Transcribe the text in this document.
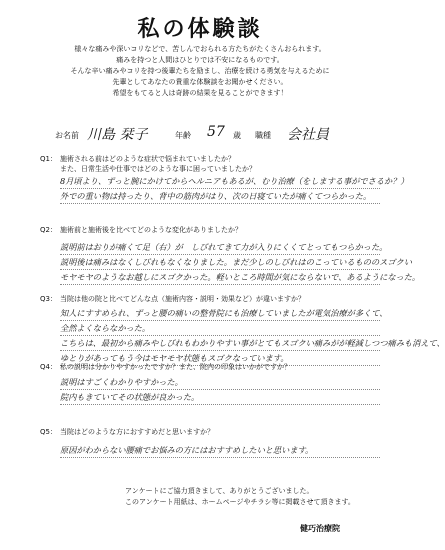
私の体験談
様々な痛みや深いコリなどで、苦しんでおられる方たちがたくさんおられます。
痛みを持つと人間はひとりでは不安になるものです。
そんな辛い痛みやコリを持つ後輩たちを励まし、治療を続ける勇気を与えるために
先輩としてあなたの貴重な体験談をお聞かせください。
希望をもてると人は奇跡の結果を見ることができます！
お名前 川島 栞子	年齢 57 歳 職種 会社員
Q1： 施術される前はどのような症状で悩まれていましたか？
また、日常生活や仕事ではどのような事に困っていましたか？
8月頃より、ずっと腕にかけてからヘルニアもあるが、むり治療（をしまする事がでさるか？）
外での重い物は持ったり、背中の筋肉がはり、次の日寝ていたが痛くてつらかった。
Q2： 施術前と施術後を比べてどのような変化がありましたか？
説明前はおりが痛くて足（右）が　しびれてきて力が入りにくくてとってもつらかった。
説明後は痛みはなくしびれもなくなりました。まだ少しのしびれはのこっているもののスゴクい
モヤモヤのようなお越しにスゴクかった。軽いところ時間が気にならないで、あるようになった。
Q3： 当院は他の院と比べてどんな点（施術内容・説明・効果など）が違いますか？
知人にすすめられ、ずっと腰の痛いの整骨院にも治療していましたが電気治療が多くて、
全然よくならなかった。
こちらは、最初から痛みやしびれもわかりやすい事がとてもスゴクい痛みがが軽減しつつ痛みも消えて、
ゆとりがあってもう今はモヤモヤ状態もスゴクなっています。
Q4： 私の説明は分かりやすかったですか？また、院内の印象はいかがですか？
説明はすごくわかりやすかった。
院内もきていてその状態が良かった。
Q5： 当院はどのような方におすすめだと思いますか？
原因がわからない腰痛でお悩みの方にはおすすめしたいと思います。
アンケートにご協力頂きまして、ありがとうございました。
このアンケート用紙は、ホームページやチラシ等に掲載させて頂きます。
健巧治療院
